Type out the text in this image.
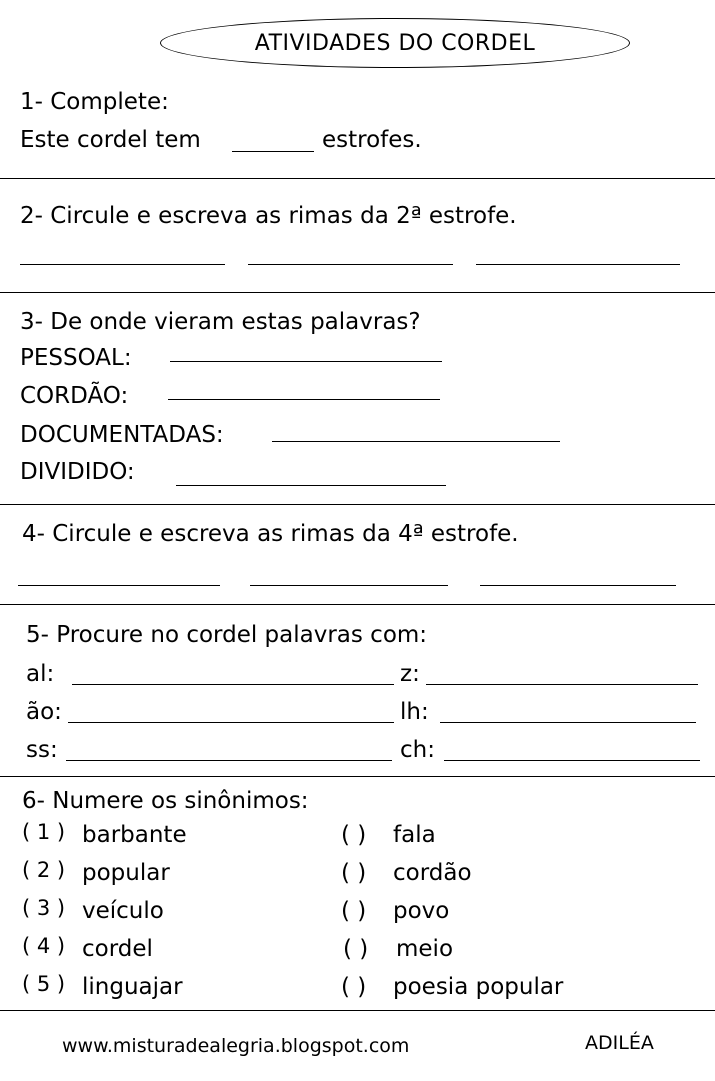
ATIVIDADES DO CORDEL
1- Complete:
Este cordel tem	estrofes.
2- Circule e escreva as rimas da 2ª estrofe.
3- De onde vieram estas palavras?
PESSOAL:
CORDÃO:
DOCUMENTADAS:
DIVIDIDO:
4- Circule e escreva as rimas da 4ª estrofe.
5- Procure no cordel palavras com:
al:	z:
ão:	lh:
ss:	ch:
6- Numere os sinônimos:
( 1 ) barbante	( ) fala
( 2 ) popular	( ) cordão
( 3 ) veículo	( ) povo
( 4 ) cordel	( ) meio
( 5 ) linguajar	( ) poesia popular
www.misturadealegria.blogspot.com	ADILÉA
